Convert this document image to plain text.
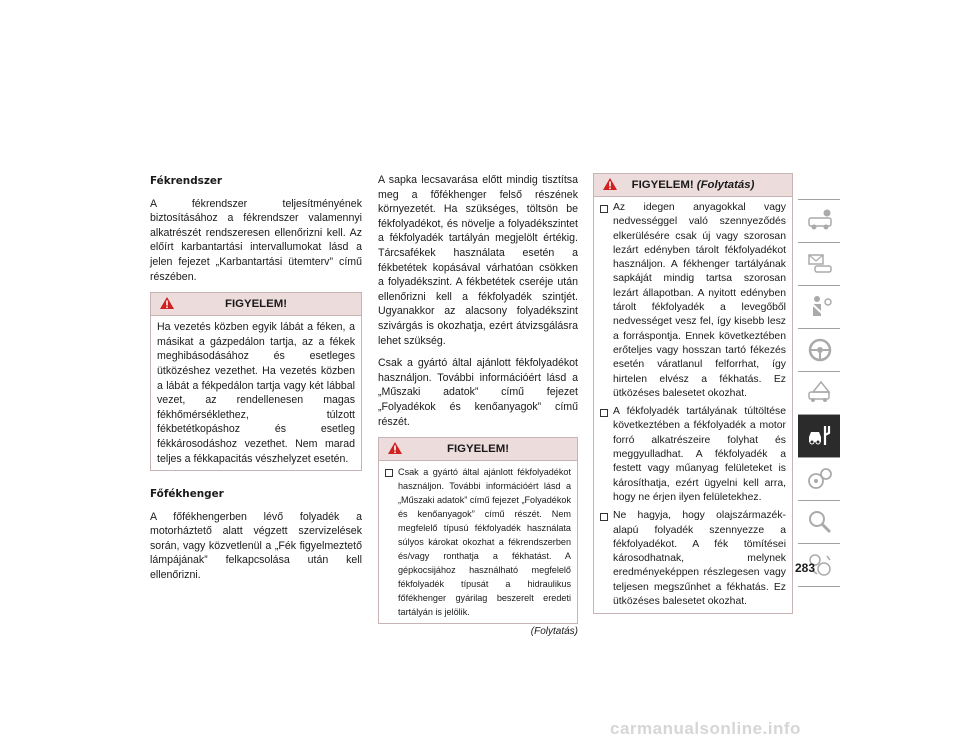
Fékrendszer

A fékrendszer teljesítményének biztosításához a fékrendszer valamennyi alkatrészét rendszeresen ellenőrizni kell. Az előírt karbantartási intervallumokat lásd a jelen fejezet „Karbantartási ütemterv” című részében.

FIGYELEM!
Ha vezetés közben egyik lábát a féken, a másikat a gázpedálon tartja, az a fékek meghibásodásához és esetleges ütközéshez vezethet. Ha vezetés közben a lábát a fékpedálon tartja vagy két lábbal vezet, az rendellenesen magas fékhőmérséklethez, túlzott fékbetétkopáshoz és esetleg fékkárosodáshoz vezethet. Nem marad teljes a fékkapacitás vészhelyzet esetén.
Főfékhenger

A főfékhengerben lévő folyadék a motorháztető alatt végzett szervizelések során, vagy közvetlenül a „Fék figyelmeztető lámpájának” felkapcsolása után kell ellenőrizni.

A sapka lecsavarása előtt mindig tisztítsa meg a főfékhenger felső részének környezetét. Ha szükséges, töltsön be fékfolyadékot, és növelje a folyadékszintet a fékfolyadék tartályán megjelölt értékig. Tárcsafékek használata esetén a fékbetétek kopásával várhatóan csökken a folyadékszint. A fékbetétek cseréje után ellenőrizni kell a fékfolyadék szintjét. Ugyanakkor az alacsony folyadékszint szivárgás is okozhatja, ezért átvizsgálásra lehet szükség.

Csak a gyártó által ajánlott fékfolyadékot használjon. További információért lásd a „Műszaki adatok” című fejezet „Folyadékok és kenőanyagok” című részét.

FIGYELEM!
Csak a gyártó által ajánlott fékfolyadékot használjon. További információért lásd a „Műszaki adatok” című fejezet „Folyadékok és kenőanyagok” című részét. Nem megfelelő típusú fékfolyadék használata súlyos károkat okozhat a fékrendszerben és/vagy ronthatja a fékhatást. A gépkocsijához használható megfelelő fékfolyadék típusát a hidraulikus főfékhenger gyárilag beszerelt eredeti tartályán is jelölik.
(Folytatás)
FIGYELEM! (Folytatás)
Az idegen anyagokkal vagy nedvességgel való szennyeződés elkerülésére csak új vagy szorosan lezárt edényben tárolt fékfolyadékot használjon. A fékhenger tartályának sapkáját mindig tartsa szorosan lezárt állapotban. A nyitott edényben tárolt fékfolyadék a levegőből nedvességet vesz fel, így kisebb lesz a forráspontja. Ennek következtében erőteljes vagy hosszan tartó fékezés esetén váratlanul felforrhat, így hirtelen elvész a fékhatás. Ez ütközéses balesetet okozhat.
A fékfolyadék tartályának túltöltése következtében a fékfolyadék a motor forró alkatrészeire folyhat és meggyulladhat. A fékfolyadék a festett vagy műanyag felületeket is károsíthatja, ezért ügyelni kell arra, hogy ne érjen ilyen felületekhez.
Ne hagyja, hogy olajszármazék-alapú folyadék szennyezze a fékfolyadékot. A fék tömítései károsodhatnak, melynek eredményeképpen részlegesen vagy teljesen megszűnhet a fékhatás. Ez ütközéses balesetet okozhat.
283
carmanualsonline.info
